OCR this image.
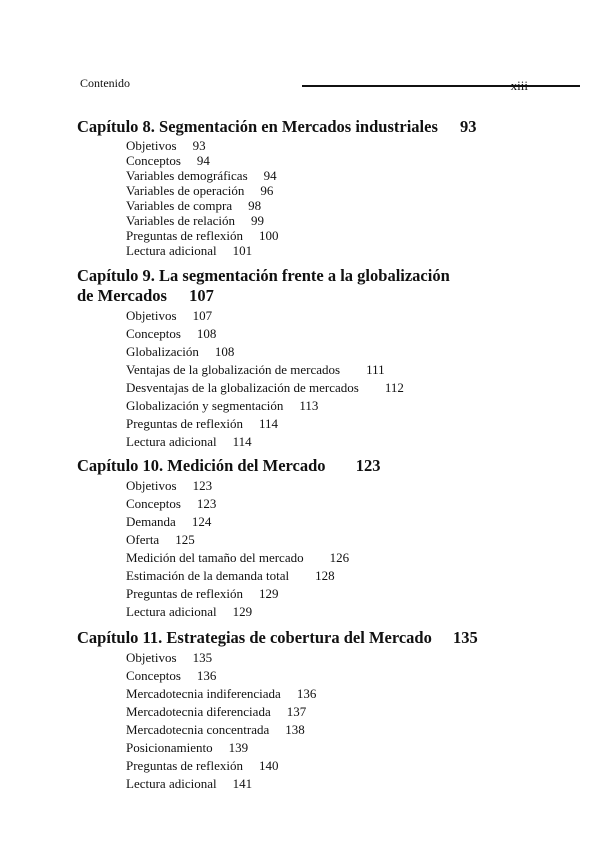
Contenido	xiii
Capítulo 8. Segmentación en Mercados industriales 93
Objetivos 93
Conceptos 94
Variables demográficas 94
Variables de operación 96
Variables de compra 98
Variables de relación 99
Preguntas de reflexión 100
Lectura adicional 101
Capítulo 9. La segmentación frente a la globalización
de Mercados 107
Objetivos 107
Conceptos 108
Globalización 108
Ventajas de la globalización de mercados 111
Desventajas de la globalización de mercados 112
Globalización y segmentación 113
Preguntas de reflexión 114
Lectura adicional 114
Capítulo 10. Medición del Mercado 123
Objetivos 123
Conceptos 123
Demanda 124
Oferta 125
Medición del tamaño del mercado 126
Estimación de la demanda total 128
Preguntas de reflexión 129
Lectura adicional 129
Capítulo 11. Estrategias de cobertura del Mercado 135
Objetivos 135
Conceptos 136
Mercadotecnia indiferenciada 136
Mercadotecnia diferenciada 137
Mercadotecnia concentrada 138
Posicionamiento 139
Preguntas de reflexión 140
Lectura adicional 141
